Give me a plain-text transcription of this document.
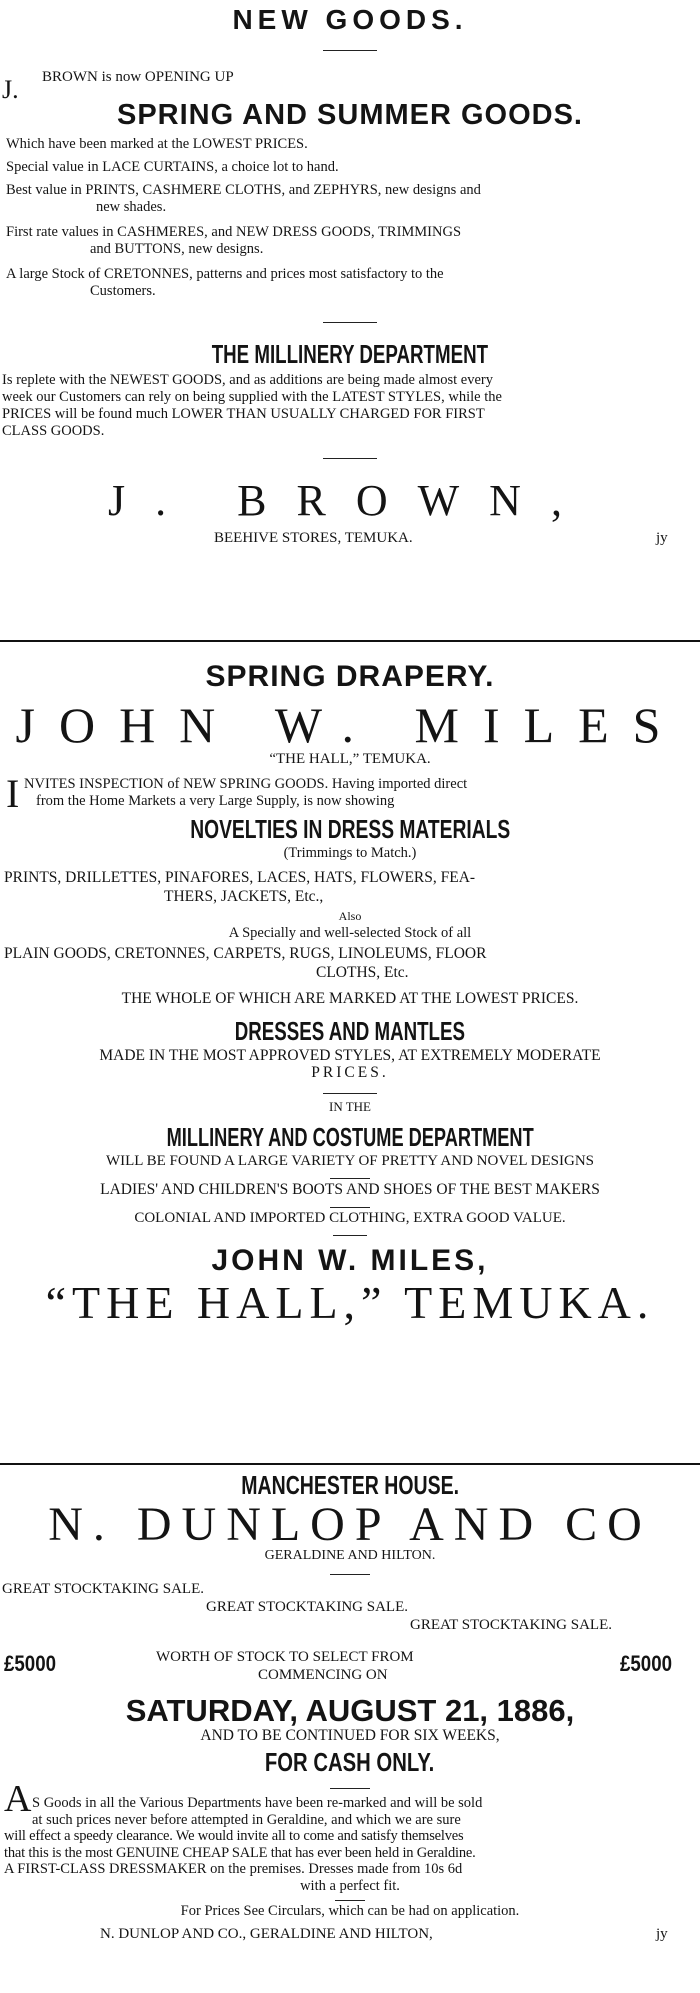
NEW GOODS.
J. BROWN is now OPENING UP
SPRING AND SUMMER GOODS.

Which have been marked at the LOWEST PRICES.

Special value in LACE CURTAINS, a choice lot to hand.

Best value in PRINTS, CASHMERE CLOTHS, and ZEPHYRS, new designs and

new shades.

First rate values in CASHMERES, and NEW DRESS GOODS, TRIMMINGS

and BUTTONS, new designs.

A large Stock of CRETONNES, patterns and prices most satisfactory to the

Customers.

THE MILLINERY DEPARTMENT

Is replete with the NEWEST GOODS, and as additions are being made almost every

week our Customers can rely on being supplied with the LATEST STYLES, while the

PRICES will be found much LOWER THAN USUALLY CHARGED FOR FIRST

CLASS GOODS.

J. BROWN,
BEEHIVE STORES, TEMUKA.	jy
SPRING DRAPERY.
JOHN W. MILES
“THE HALL,” TEMUKA.
I NVITES INSPECTION of NEW SPRING GOODS. Having imported direct

from the Home Markets a very Large Supply, is now showing

NOVELTIES IN DRESS MATERIALS
(Trimmings to Match.)

PRINTS, DRILLETTES, PINAFORES, LACES, HATS, FLOWERS, FEA-

THERS, JACKETS, Etc.,

Also
A Specially and well-selected Stock of all

PLAIN GOODS, CRETONNES, CARPETS, RUGS, LINOLEUMS, FLOOR

CLOTHS, Etc.

THE WHOLE OF WHICH ARE MARKED AT THE LOWEST PRICES.
DRESSES AND MANTLES

MADE IN THE MOST APPROVED STYLES, AT EXTREMELY MODERATE

PRICES.

IN THE
MILLINERY AND COSTUME DEPARTMENT
WILL BE FOUND A LARGE VARIETY OF PRETTY AND NOVEL DESIGNS
LADIES' AND CHILDREN'S BOOTS AND SHOES OF THE BEST MAKERS
COLONIAL AND IMPORTED CLOTHING, EXTRA GOOD VALUE.
JOHN W. MILES,
“THE HALL,” TEMUKA.
MANCHESTER HOUSE.
N. DUNLOP AND CO
GERALDINE AND HILTON.
GREAT STOCKTAKING SALE.
GREAT STOCKTAKING SALE.
GREAT STOCKTAKING SALE.
£5000	WORTH OF STOCK TO SELECT FROM
COMMENCING ON	£5000
SATURDAY, AUGUST 21, 1886,
AND TO BE CONTINUED FOR SIX WEEKS,
FOR CASH ONLY.
A S Goods in all the Various Departments have been re-marked and will be sold

at such prices never before attempted in Geraldine, and which we are sure

will effect a speedy clearance. We would invite all to come and satisfy themselves

that this is the most GENUINE CHEAP SALE that has ever been held in Geraldine.

A FIRST-CLASS DRESSMAKER on the premises. Dresses made from 10s 6d

with a perfect fit.

For Prices See Circulars, which can be had on application.
N. DUNLOP AND CO., GERALDINE AND HILTON,	jy
